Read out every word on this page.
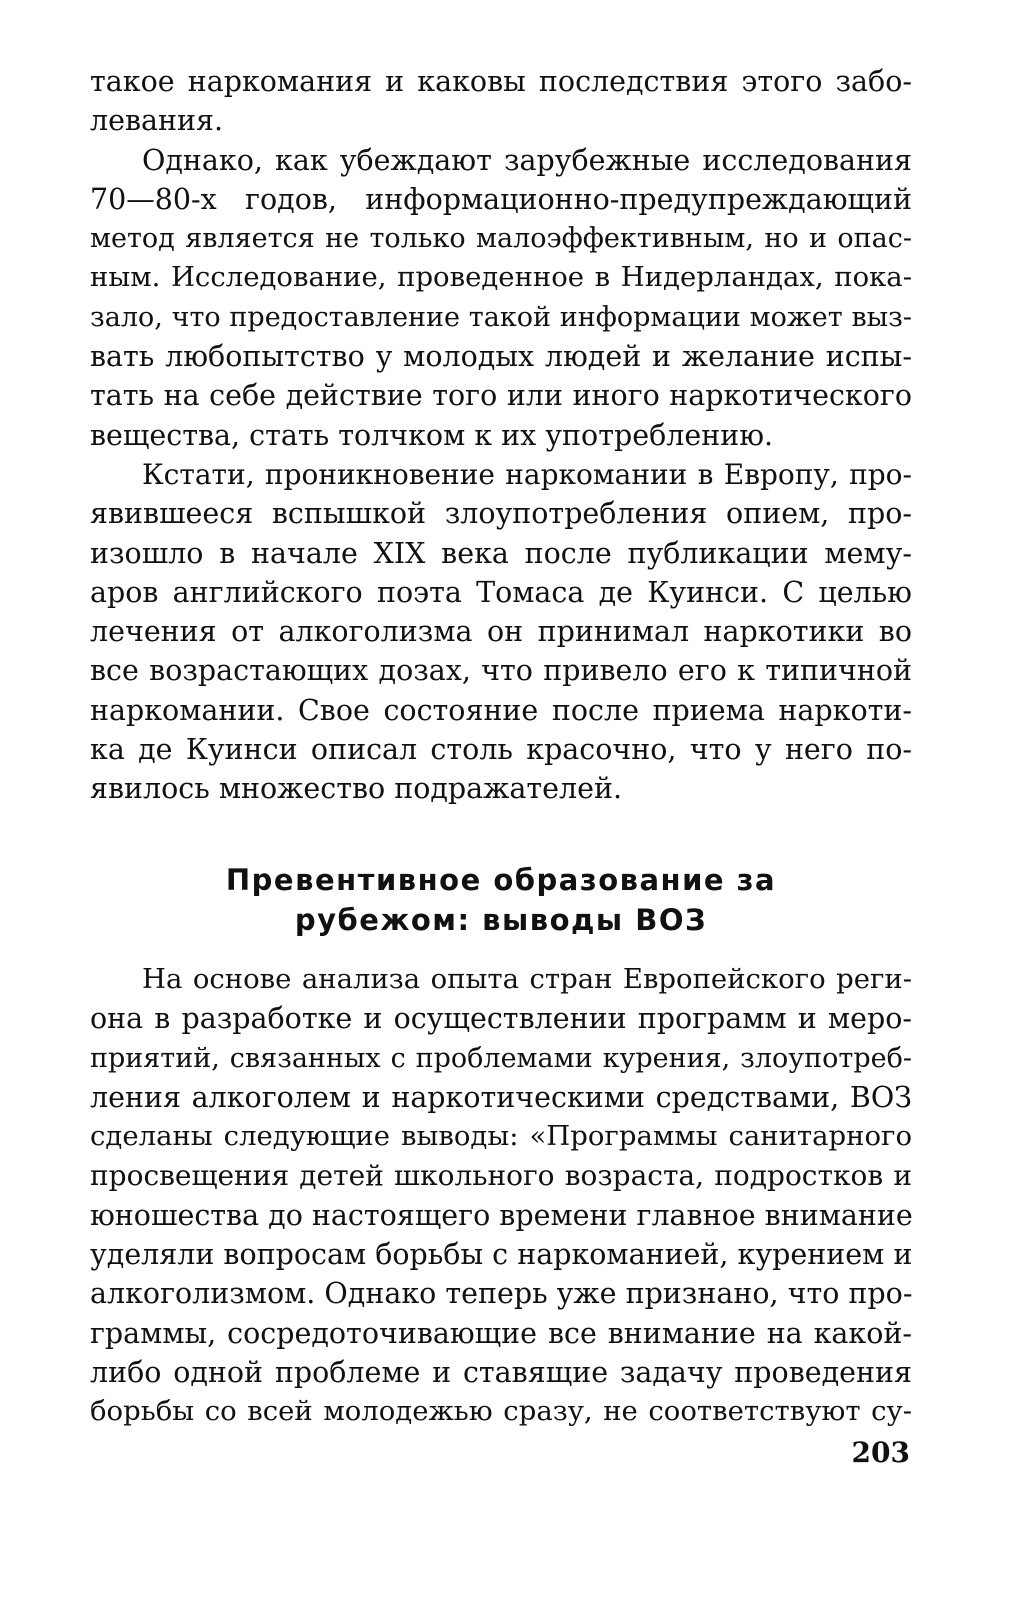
такое наркомания и каковы последствия этого забо-
левания.
Однако, как убеждают зарубежные исследования
70—80-х годов, информационно-предупреждающий
метод является не только малоэффективным, но и опас-
ным. Исследование, проведенное в Нидерландах, пока-
зало, что предоставление такой информации может выз-
вать любопытство у молодых людей и желание испы-
тать на себе действие того или иного наркотического
вещества, стать толчком к их употреблению.
Кстати, проникновение наркомании в Европу, про-
явившееся вспышкой злоупотребления опием, про-
изошло в начале XIX века после публикации мему-
аров английского поэта Томаса де Куинси. С целью
лечения от алкоголизма он принимал наркотики во
все возрастающих дозах, что привело его к типичной
наркомании. Свое состояние после приема наркоти-
ка де Куинси описал столь красочно, что у него по-
явилось множество подражателей.
Превентивное образование за
рубежом: выводы ВОЗ
На основе анализа опыта стран Европейского реги-
она в разработке и осуществлении программ и меро-
приятий, связанных с проблемами курения, злоупотреб-
ления алкоголем и наркотическими средствами, ВОЗ
сделаны следующие выводы: «Программы санитарного
просвещения детей школьного возраста, подростков и
юношества до настоящего времени главное внимание
уделяли вопросам борьбы с наркоманией, курением и
алкоголизмом. Однако теперь уже признано, что про-
граммы, сосредоточивающие все внимание на какой-
либо одной проблеме и ставящие задачу проведения
борьбы со всей молодежью сразу, не соответствуют су-
203
